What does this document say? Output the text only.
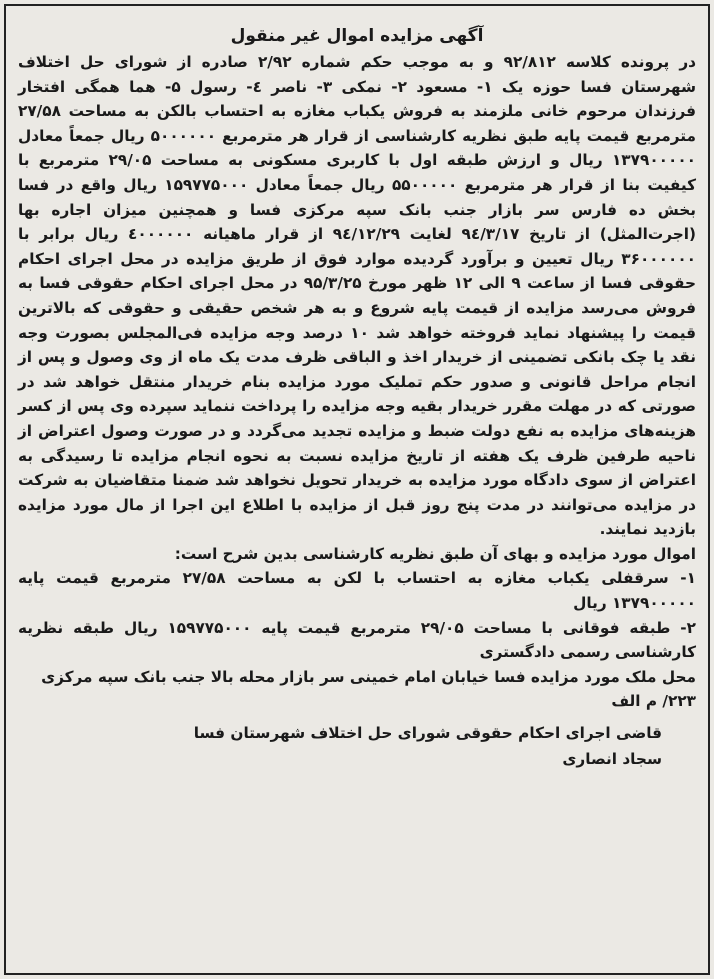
آگهی مزایده اموال غیر منقول

در پرونده کلاسه ۹۲/۸۱۲ و به موجب حکم شماره ۲/۹۲ صادره از شورای حل اختلاف شهرستان فسا حوزه یک ۱- مسعود ۲- نمکی ۳- ناصر ٤- رسول ۵- هما همگی افتخار فرزندان مرحوم خانی ملزمند به فروش یکباب مغازه به احتساب بالکن به مساحت ۲۷/۵۸ مترمربع قیمت پایه طبق نظریه کارشناسی از قرار هر مترمربع ۵۰۰۰۰۰۰ ریال جمعاً معادل ۱۳۷۹۰۰۰۰۰ ریال و ارزش طبقه اول با کاربری مسکونی به مساحت ۲۹/۰۵ مترمربع با کیفیت بنا از قرار هر مترمربع ۵۵۰۰۰۰۰ ریال جمعاً معادل ۱۵۹۷۷۵۰۰۰ ریال واقع در فسا بخش ده فارس سر بازار جنب بانک سپه مرکزی فسا و همچنین میزان اجاره بها (اجرت‌المثل) از تاریخ ۹٤/۳/۱۷ لغایت ۹٤/۱۲/۲۹ از قرار ماهیانه ٤۰۰۰۰۰۰ ریال برابر با ۳۶۰۰۰۰۰۰ ریال تعیین و برآورد گردیده موارد فوق از طریق مزایده در محل اجرای احکام حقوقی فسا از ساعت ۹ الی ۱۲ ظهر مورخ ۹۵/۳/۲۵ در محل اجرای احکام حقوقی فسا به فروش می‌رسد مزایده از قیمت پایه شروع و به هر شخص حقیقی و حقوقی که بالاترین قیمت را پیشنهاد نماید فروخته خواهد شد ۱۰ درصد وجه مزایده فی‌المجلس بصورت وجه نقد یا چک بانکی تضمینی از خریدار اخذ و الباقی ظرف مدت یک ماه از وی وصول و پس از انجام مراحل قانونی و صدور حکم تملیک مورد مزایده بنام خریدار منتقل خواهد شد در صورتی که در مهلت مقرر خریدار بقیه وجه مزایده را پرداخت ننماید سپرده وی پس از کسر هزینه‌های مزایده به نفع دولت ضبط و مزایده تجدید می‌گردد و در صورت وصول اعتراض از ناحیه طرفین ظرف یک هفته از تاریخ مزایده نسبت به نحوه انجام مزایده تا رسیدگی به اعتراض از سوی دادگاه مورد مزایده به خریدار تحویل نخواهد شد ضمنا متقاضیان به شرکت در مزایده می‌توانند در مدت پنج روز قبل از مزایده با اطلاع این اجرا از مال مورد مزایده بازدید نمایند.

اموال مورد مزایده و بهای آن طبق نظریه کارشناسی بدین شرح است:

۱- سرقفلی یکباب مغازه به احتساب با لکن به مساحت ۲۷/۵۸ مترمربع قیمت پایه ۱۳۷۹۰۰۰۰۰ ریال

۲- طبقه فوقانی با مساحت ۲۹/۰۵ مترمربع قیمت پایه ۱۵۹۷۷۵۰۰۰ ریال طبقه نظریه کارشناسی رسمی دادگستری

محل ملک مورد مزایده فسا خیابان امام خمینی سر بازار محله بالا جنب بانک سپه مرکزی

۲۲۳/ م الف

قاضی اجرای احکام حقوقی شورای حل اختلاف شهرستان فسا
سجاد انصاری
